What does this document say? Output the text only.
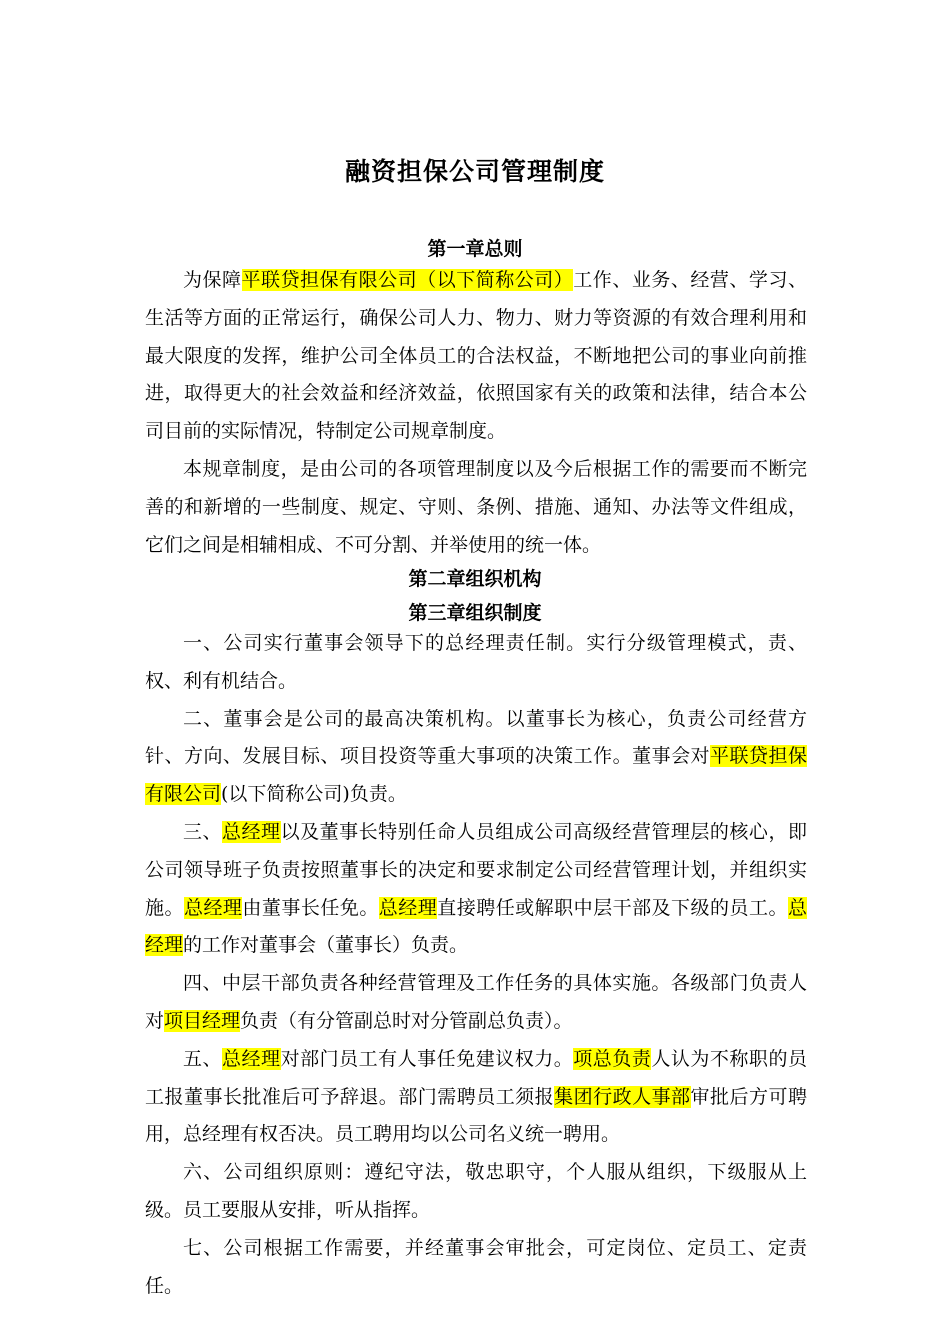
融资担保公司管理制度
第一章总则

为保障平联贷担保有限公司（以下简称公司）工作、业务、经营、学习、生活等方面的正常运行，确保公司人力、物力、财力等资源的有效合理利用和最大限度的发挥，维护公司全体员工的合法权益，不断地把公司的事业向前推进，取得更大的社会效益和经济效益，依照国家有关的政策和法律，结合本公司目前的实际情况，特制定公司规章制度。

本规章制度，是由公司的各项管理制度以及今后根据工作的需要而不断完善的和新增的一些制度、规定、守则、条例、措施、通知、办法等文件组成，它们之间是相辅相成、不可分割、并举使用的统一体。

第二章组织机构
第三章组织制度

一、公司实行董事会领导下的总经理责任制。实行分级管理模式，责、权、利有机结合。

二、董事会是公司的最高决策机构。以董事长为核心，负责公司经营方针、方向、发展目标、项目投资等重大事项的决策工作。董事会对平联贷担保有限公司(以下简称公司)负责。

三、总经理以及董事长特别任命人员组成公司高级经营管理层的核心，即公司领导班子负责按照董事长的决定和要求制定公司经营管理计划，并组织实施。总经理由董事长任免。总经理直接聘任或解职中层干部及下级的员工。总经理的工作对董事会（董事长）负责。

四、中层干部负责各种经营管理及工作任务的具体实施。各级部门负责人对项目经理负责（有分管副总时对分管副总负责）。

五、总经理对部门员工有人事任免建议权力。项总负责人认为不称职的员工报董事长批准后可予辞退。部门需聘员工须报集团行政人事部审批后方可聘用，总经理有权否决。员工聘用均以公司名义统一聘用。

六、公司组织原则：遵纪守法，敬忠职守，个人服从组织，下级服从上级。员工要服从安排，听从指挥。

七、公司根据工作需要，并经董事会审批会，可定岗位、定员工、定责任。
